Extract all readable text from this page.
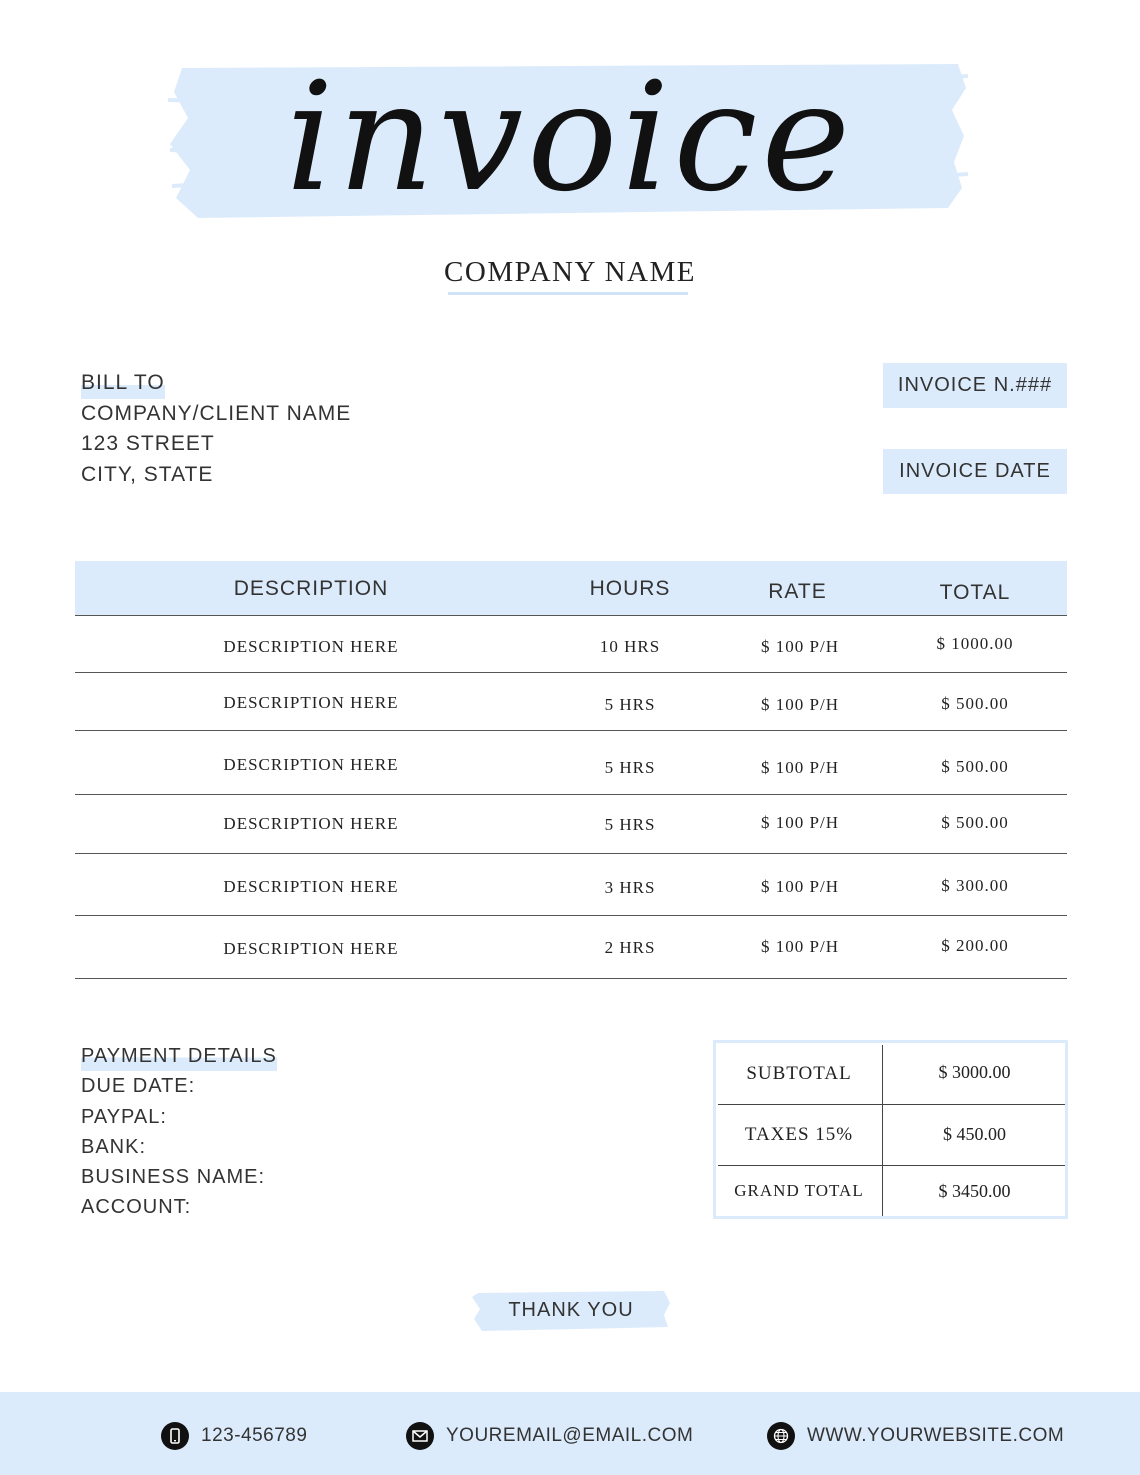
invoice
COMPANY NAME
BILL TO
COMPANY/CLIENT NAME
123 STREET
CITY, STATE
INVOICE N.###
INVOICE DATE
DESCRIPTION	HOURS	RATE	TOTAL
DESCRIPTION HERE	10 HRS	$ 100 P/H	$ 1000.00
DESCRIPTION HERE	5 HRS	$ 100 P/H	$ 500.00
DESCRIPTION HERE	5 HRS	$ 100 P/H	$ 500.00
DESCRIPTION HERE	5 HRS	$ 100 P/H	$ 500.00
DESCRIPTION HERE	3 HRS	$ 100 P/H	$ 300.00
DESCRIPTION HERE	2 HRS	$ 100 P/H	$ 200.00
PAYMENT DETAILS
DUE DATE:
PAYPAL:
BANK:
BUSINESS NAME:
ACCOUNT:
SUBTOTAL	$ 3000.00
TAXES 15%	$ 450.00
GRAND TOTAL	$ 3450.00
THANK YOU
123-456789	YOUREMAIL@EMAIL.COM	WWW.YOURWEBSITE.COM
